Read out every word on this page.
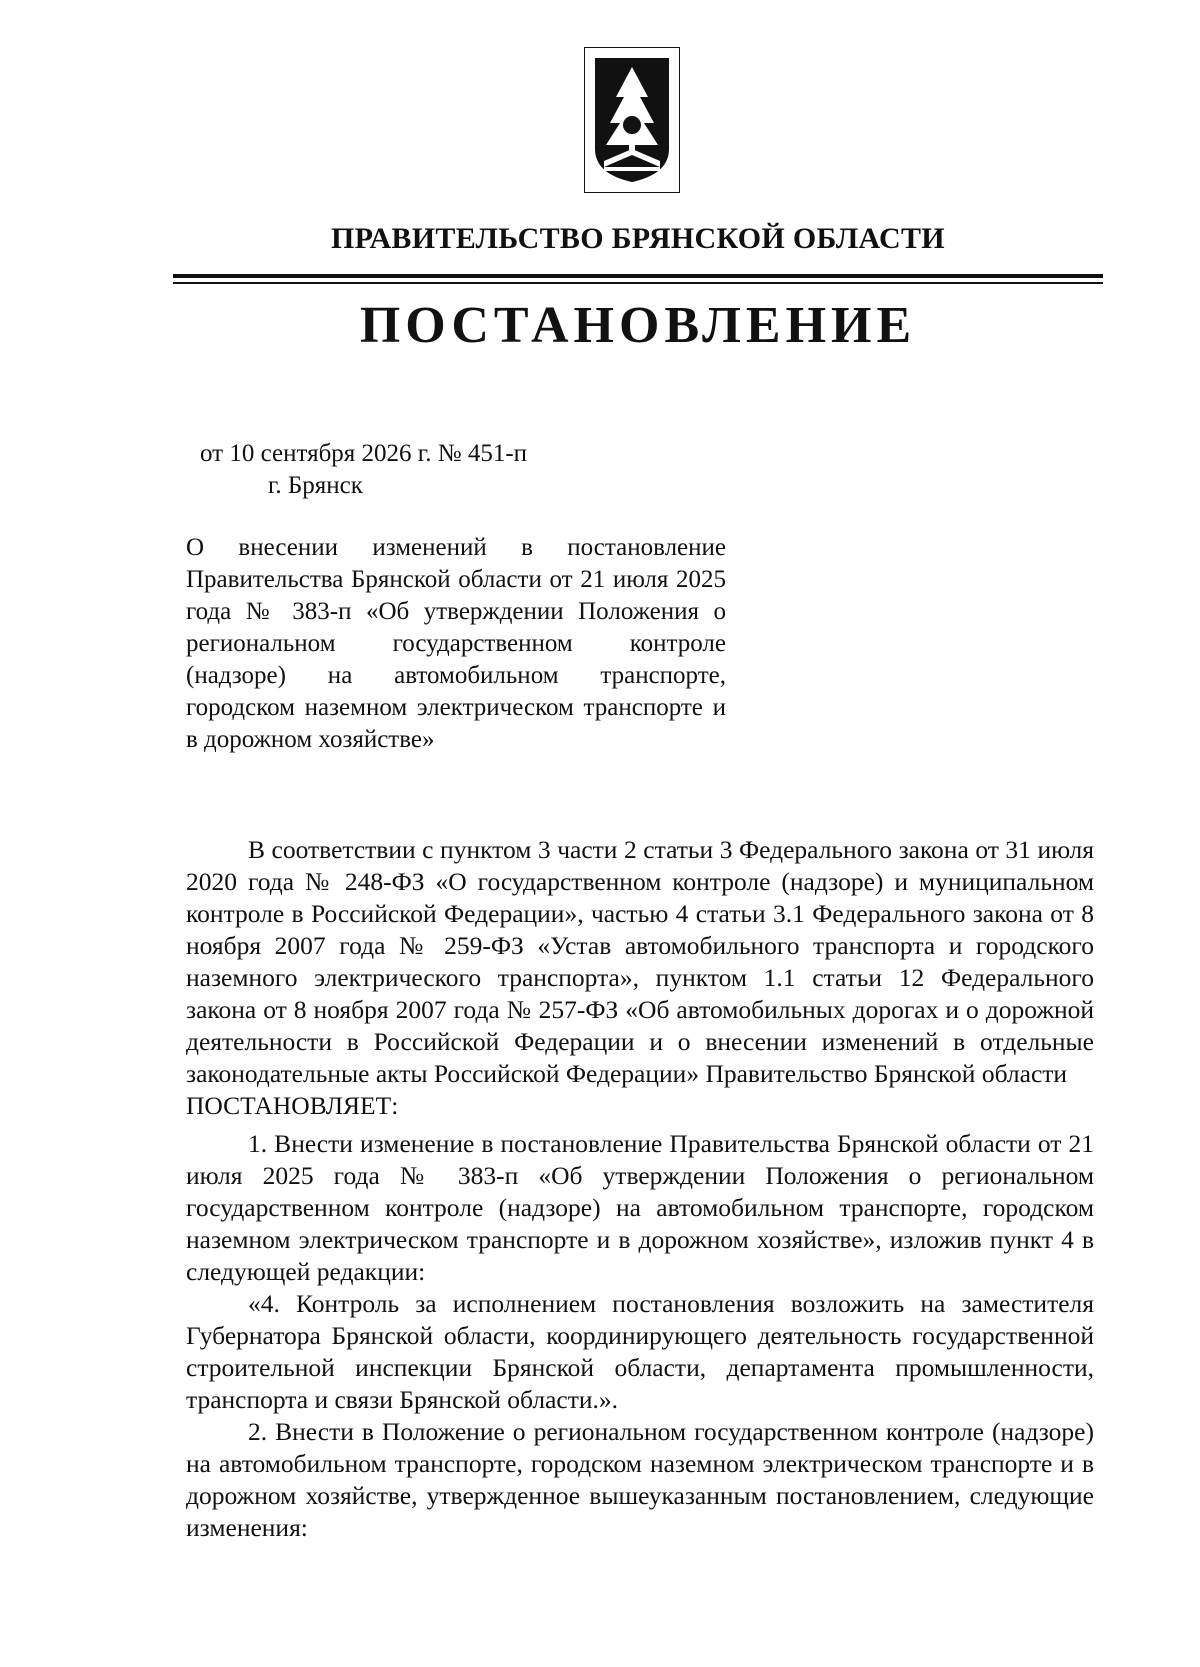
ПРАВИТЕЛЬСТВО БРЯНСКОЙ ОБЛАСТИ
ПОСТАНОВЛЕНИЕ
от 10 сентября 2026 г. № 451-п
г. Брянск
О внесении изменений в постановление Правительства Брянской области от 21 июля 2025 года № 383-п «Об утверждении Положения о региональном государственном контроле (надзоре) на автомобильном транспорте, городском наземном электрическом транспорте и в дорожном хозяйстве»

В соответствии с пунктом 3 части 2 статьи 3 Федерального закона от 31 июля 2020 года № 248-ФЗ «О государственном контроле (надзоре) и муниципальном контроле в Российской Федерации», частью 4 статьи 3.1 Федерального закона от 8 ноября 2007 года № 259-ФЗ «Устав автомобильного транспорта и городского наземного электрического транспорта», пунктом 1.1 статьи 12 Федерального закона от 8 ноября 2007 года № 257-ФЗ «Об автомобильных дорогах и о дорожной деятельности в Российской Федерации и о внесении изменений в отдельные законодательные акты Российской Федерации» Правительство Брянской области

ПОСТАНОВЛЯЕТ:

1. Внести изменение в постановление Правительства Брянской области от 21 июля 2025 года № 383-п «Об утверждении Положения о региональном государственном контроле (надзоре) на автомобильном транспорте, городском наземном электрическом транспорте и в дорожном хозяйстве», изложив пункт 4 в следующей редакции:

«4. Контроль за исполнением постановления возложить на заместителя Губернатора Брянской области, координирующего деятельность государственной строительной инспекции Брянской области, департамента промышленности, транспорта и связи Брянской области.».

2. Внести в Положение о региональном государственном контроле (надзоре) на автомобильном транспорте, городском наземном электрическом транспорте и в дорожном хозяйстве, утвержденное вышеуказанным постановлением, следующие изменения:
